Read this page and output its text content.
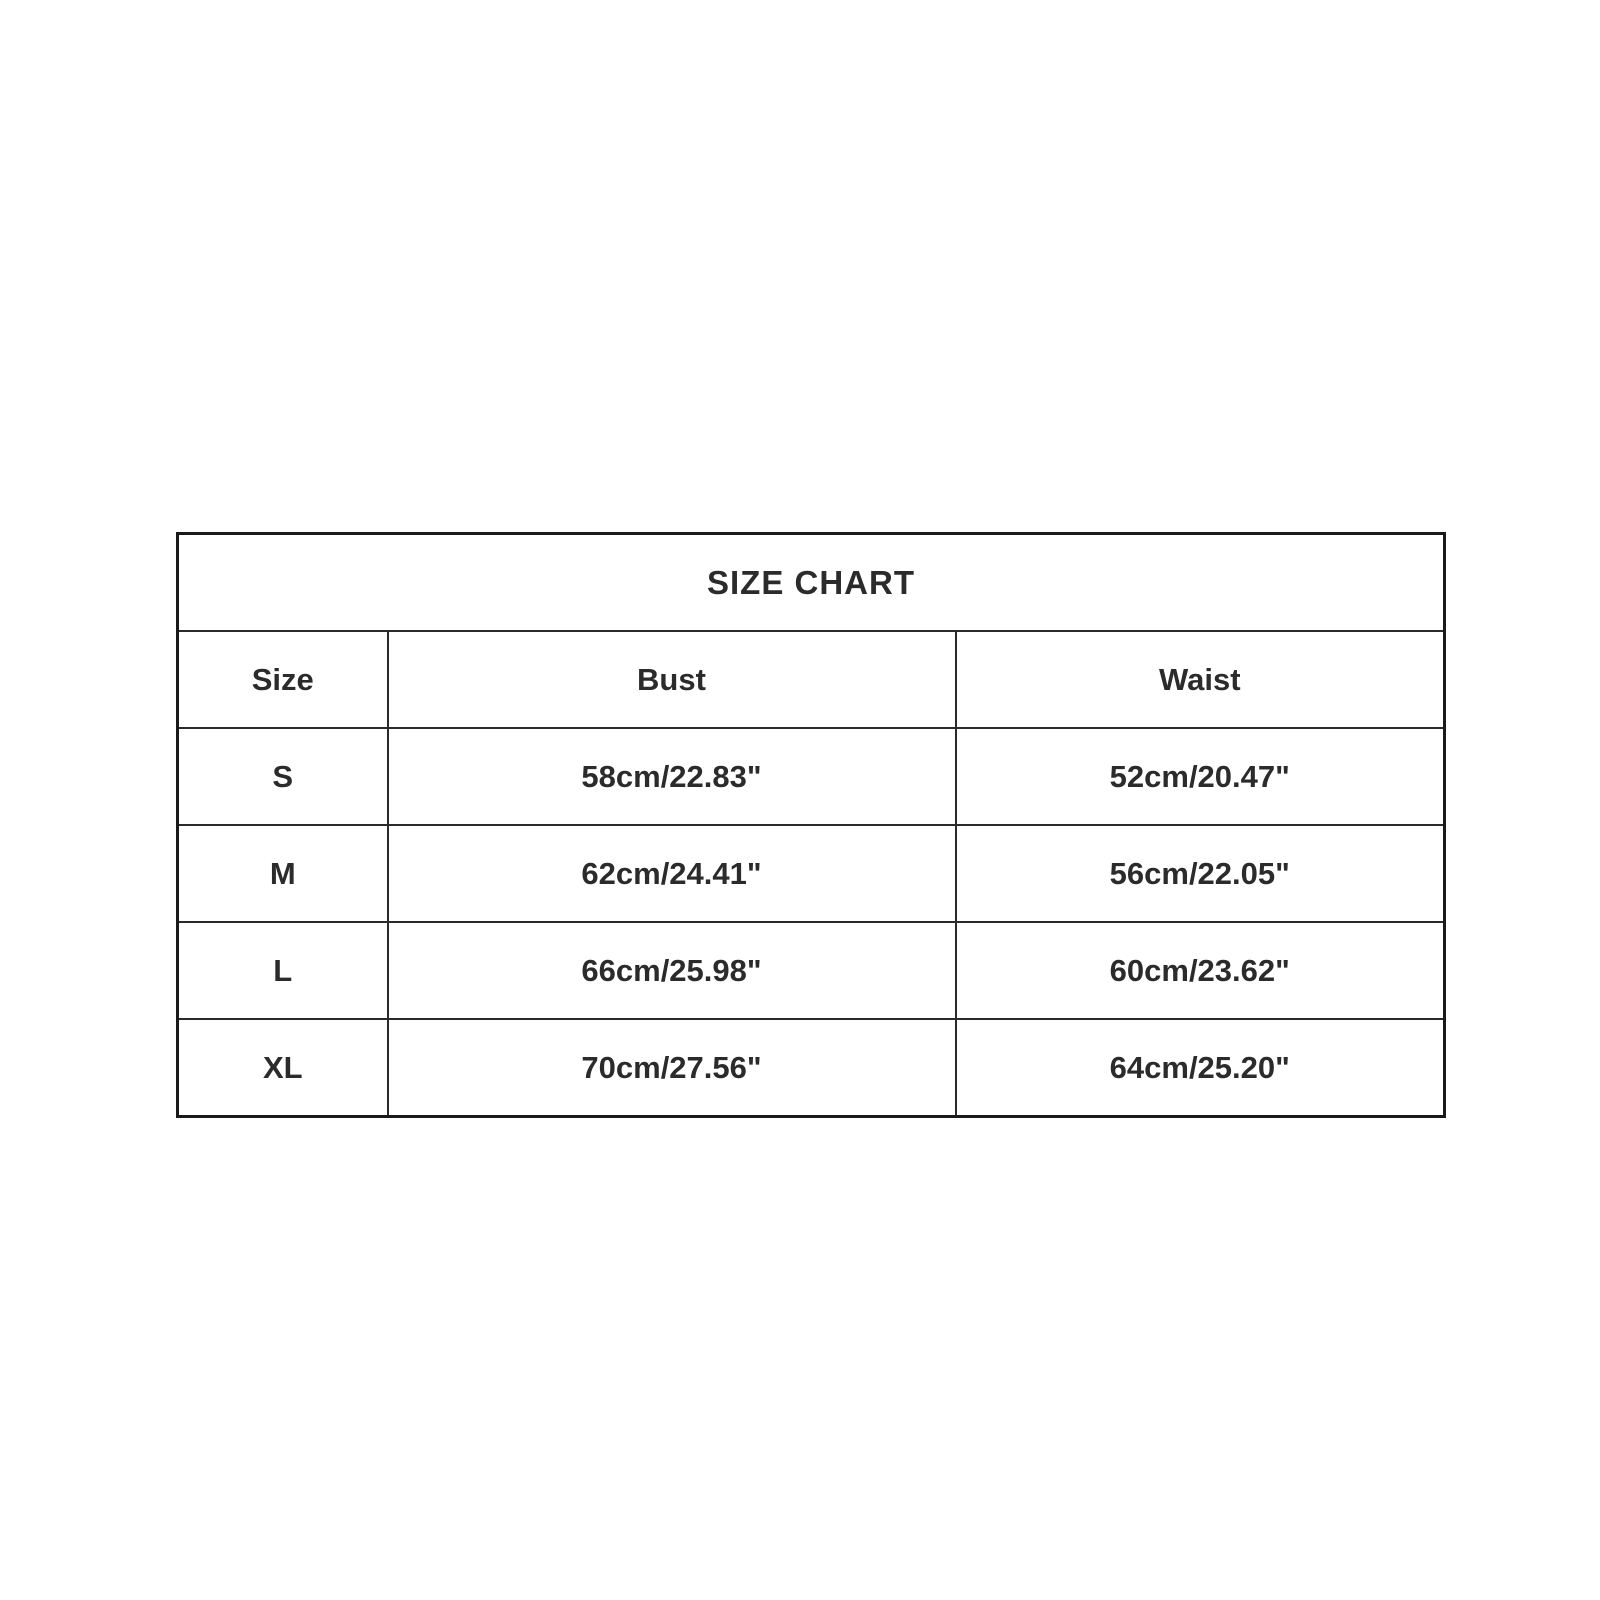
SIZE CHART		
Size	Bust	Waist
S	58cm/22.83"	52cm/20.47"
M	62cm/24.41"	56cm/22.05"
L	66cm/25.98"	60cm/23.62"
XL	70cm/27.56"	64cm/25.20"
